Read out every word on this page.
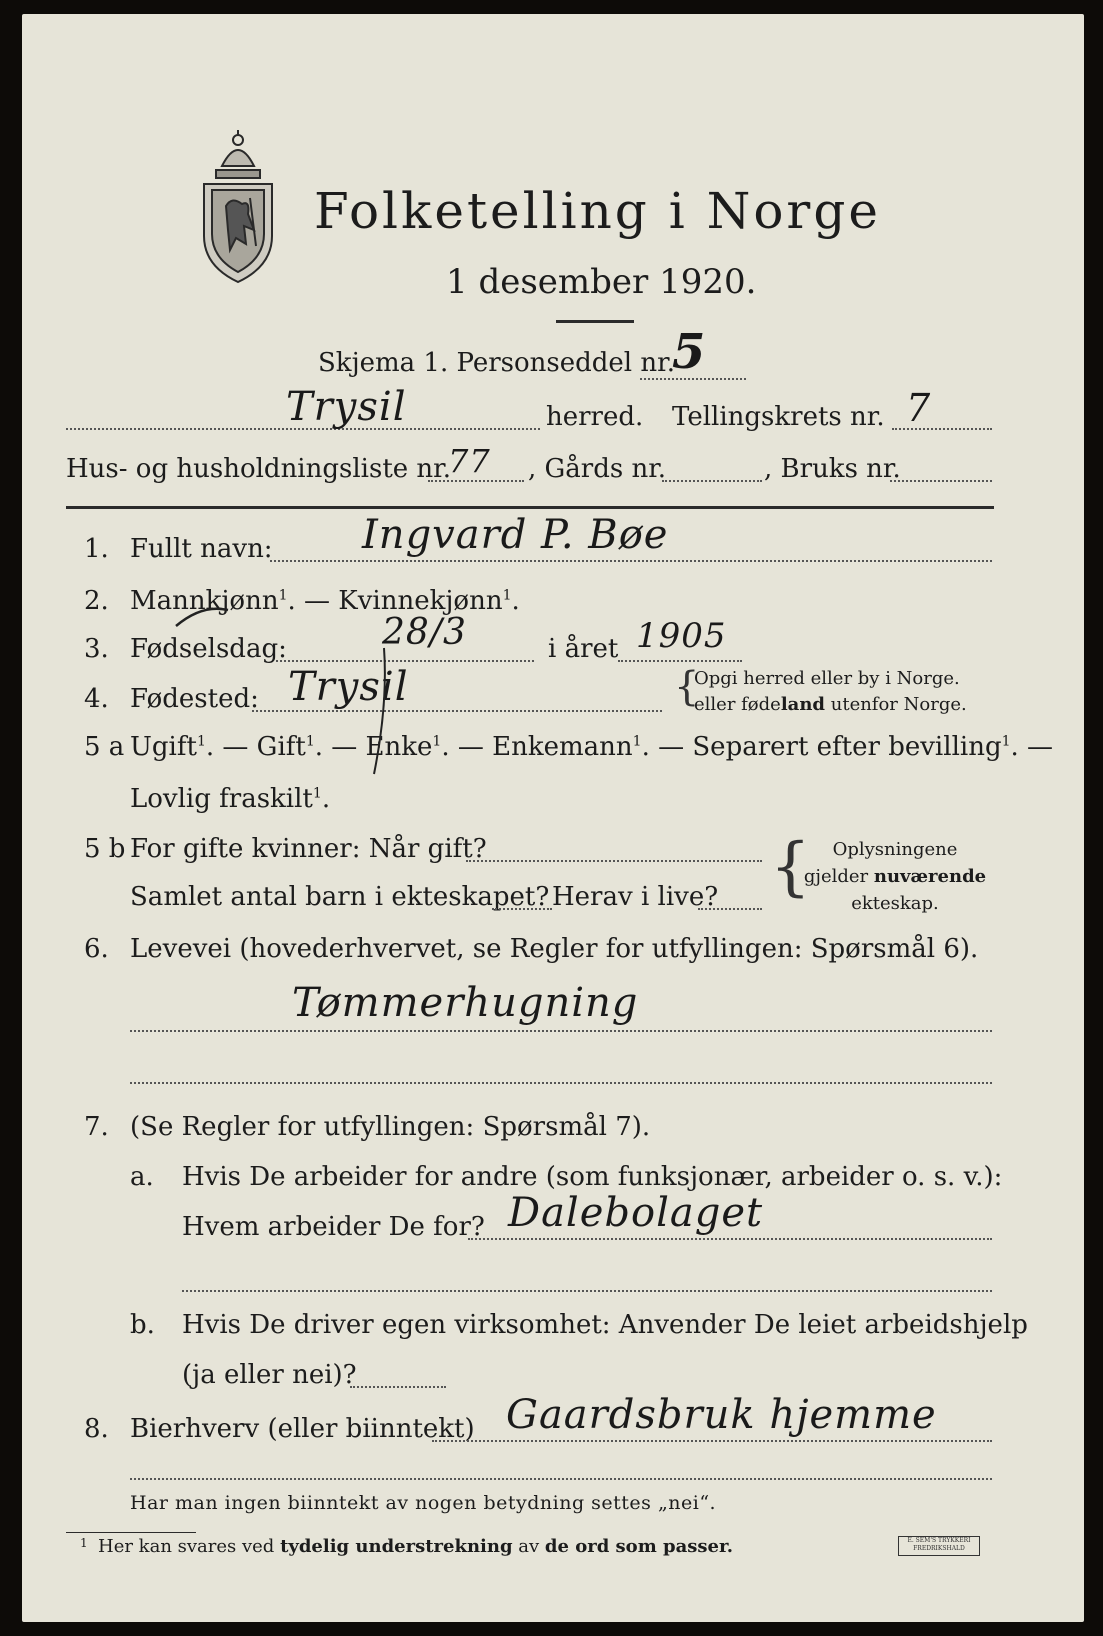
Folketelling i Norge
1 desember 1920.
Skjema 1. Personseddel nr.
5
Trysil	herred. Tellingskrets nr. 7
Hus- og husholdningsliste nr.
77 , Gårds nr.	, Bruks nr.
1. Fullt navn: Ingvard P. Bøe
2. Mannkjønn$^1$. — Kvinnekjønn$^1$.
3. Fødselsdag:	28/3	i året 1905
4. Fødested: Trysil	{
Opgi herred eller by i Norge.
eller fødeland utenfor Norge.
5 a Ugift$^1$. — Gift$^1$. — Enke$^1$. — Enkemann$^1$. — Separert efter bevilling$^1$. —
Lovlig fraskilt$^1$.
5 b For gifte kvinner: Når gift?
Samlet antal barn i ekteskapet? Herav i live? {	Oplysningene
gjelder nuværende
ekteskap.
6. Levevei (hovederhvervet, se Regler for utfyllingen: Spørsmål 6).
Tømmerhugning
7. (Se Regler for utfyllingen: Spørsmål 7).
a. Hvis De arbeider for andre (som funksjonær, arbeider o. s. v.):
Hvem arbeider De for? Dalebolaget
b. Hvis De driver egen virksomhet: Anvender De leiet arbeidshjelp
(ja eller nei)?
8. Bierhverv (eller biinntekt) Gaardsbruk hjemme
Har man ingen biinntekt av nogen betydning settes „nei“.
1 Her kan svares ved tydelig understrekning av de ord som passer.	E. SEM'S TRYKKERI
FREDRIKSHALD
